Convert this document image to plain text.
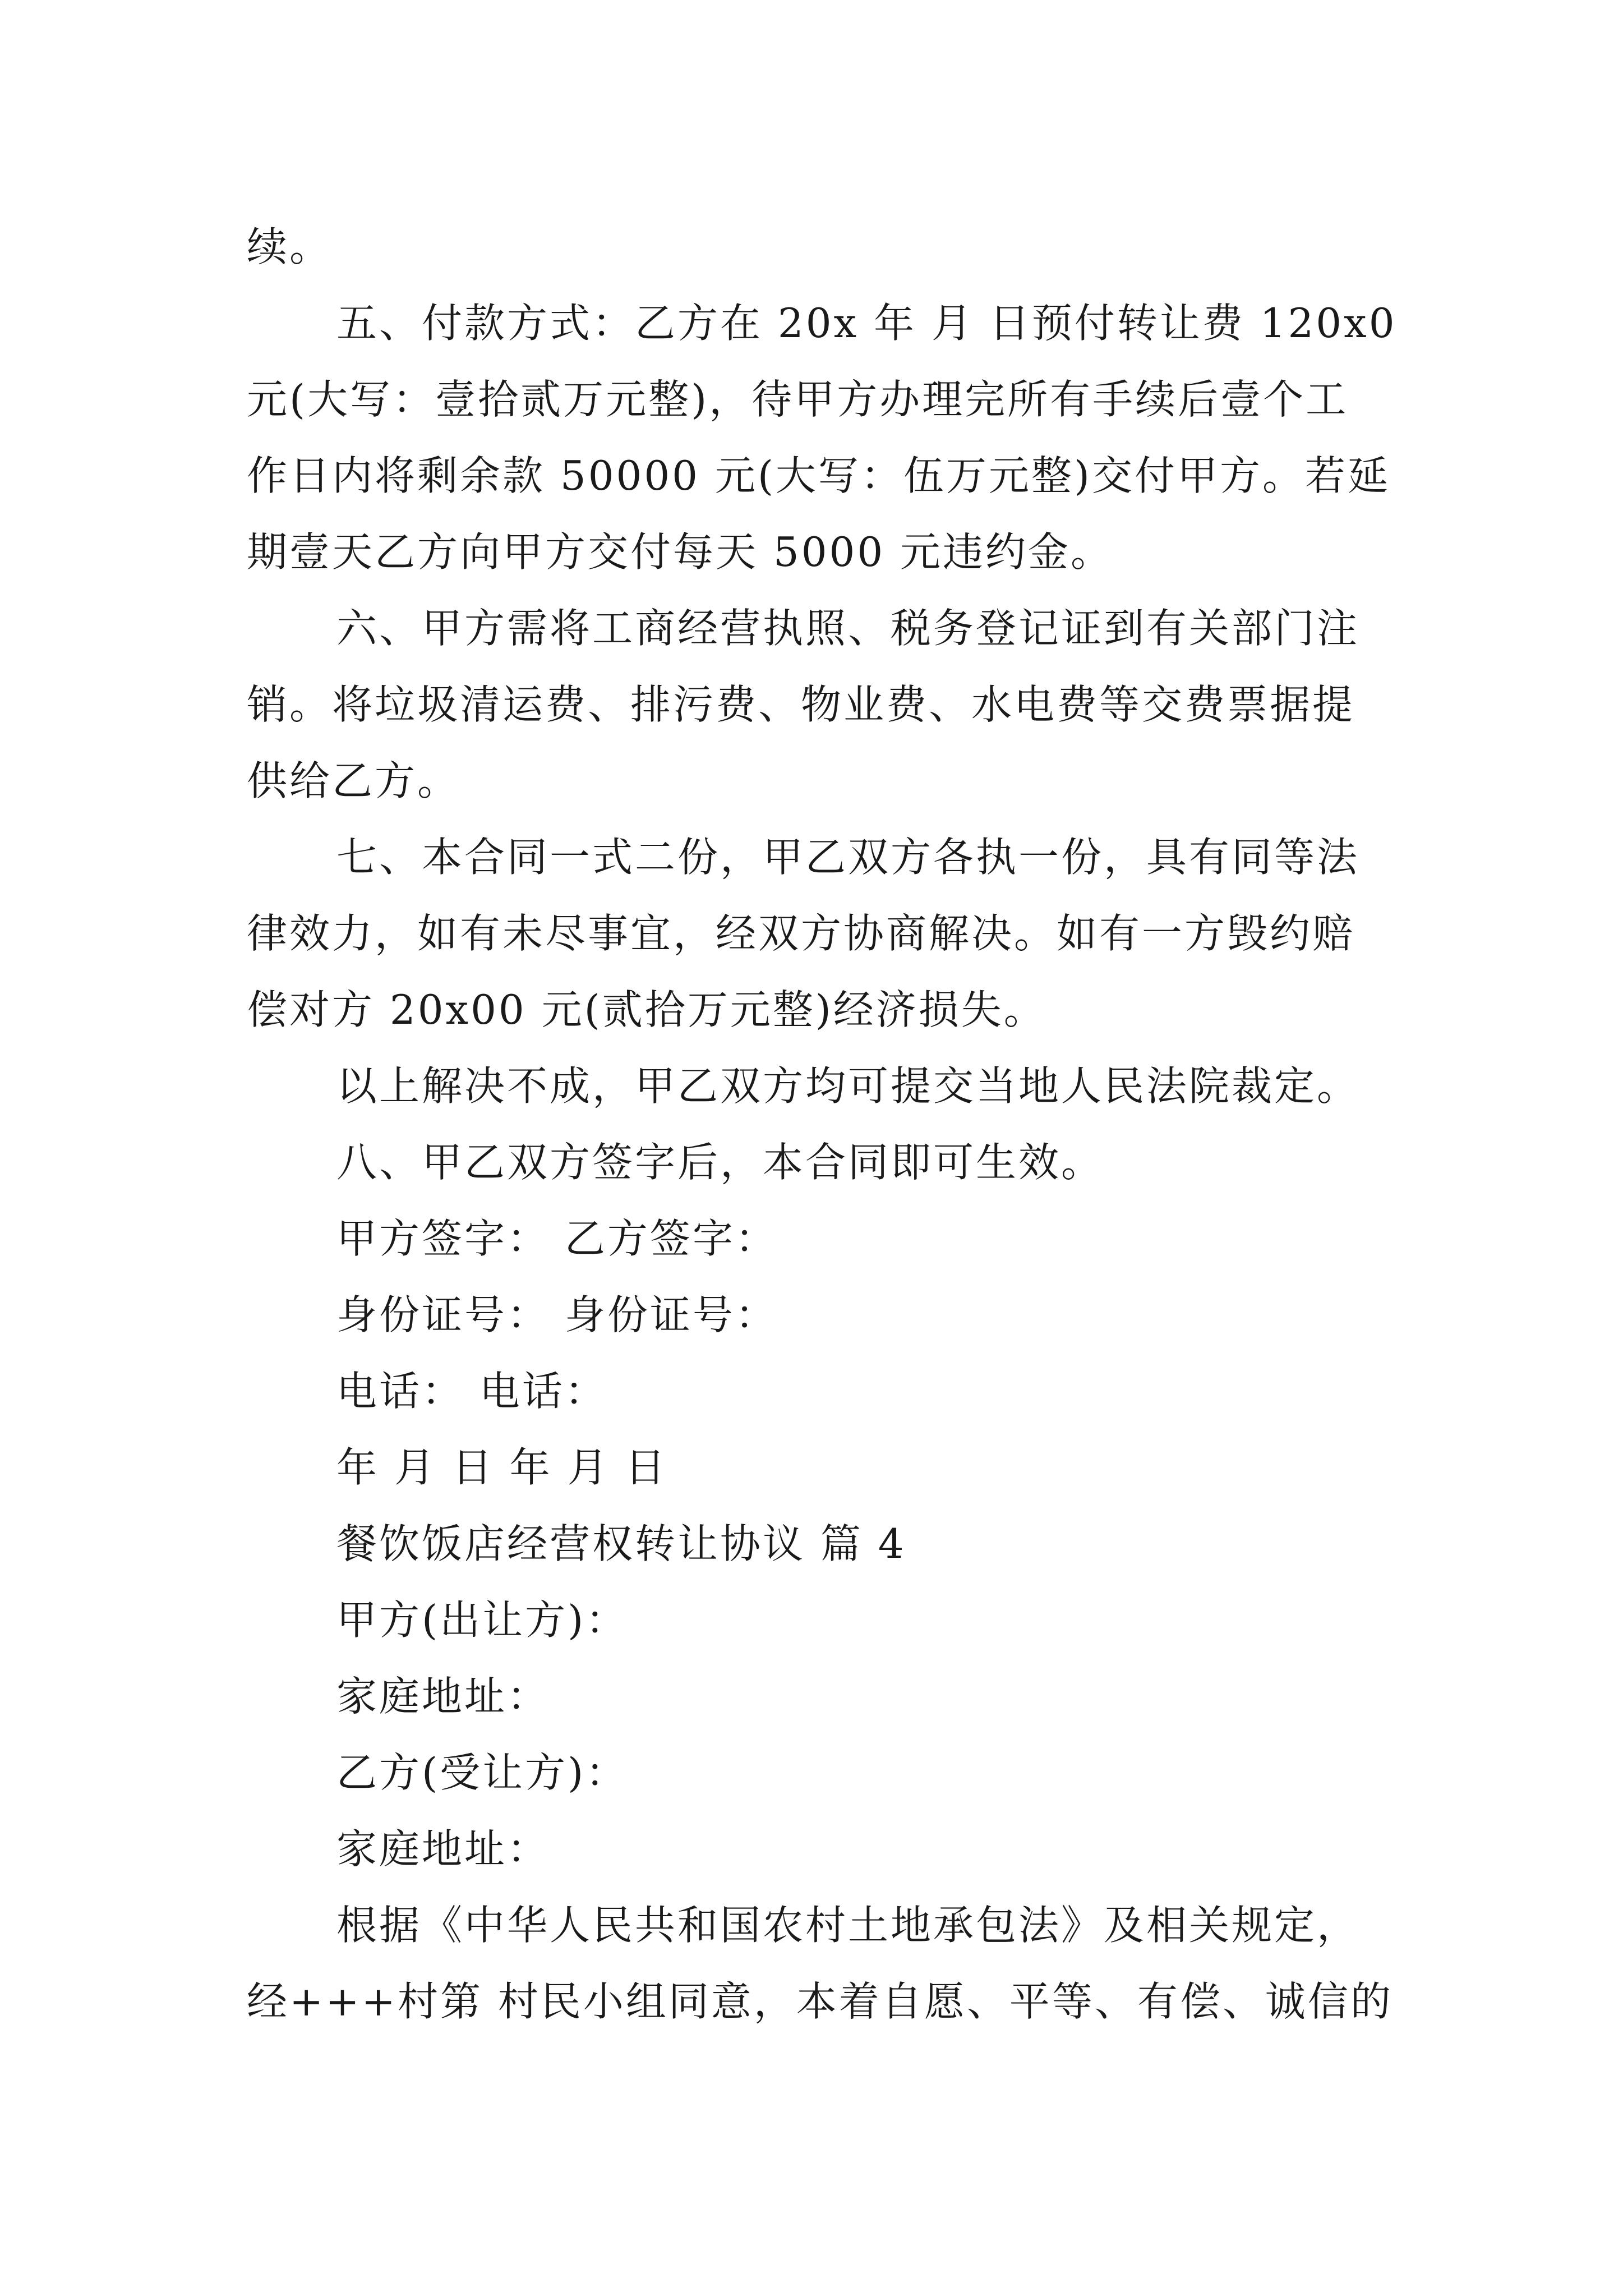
续。
五、付款方式：乙方在 20x 年 月 日预付转让费 120x0
元(大写：壹拾贰万元整)，待甲方办理完所有手续后壹个工
作日内将剩余款 50000 元(大写：伍万元整)交付甲方。若延
期壹天乙方向甲方交付每天 5000 元违约金。
六、甲方需将工商经营执照、税务登记证到有关部门注
销。将垃圾清运费、排污费、物业费、水电费等交费票据提
供给乙方。
七、本合同一式二份，甲乙双方各执一份，具有同等法
律效力，如有未尽事宜，经双方协商解决。如有一方毁约赔
偿对方 20x00 元(贰拾万元整)经济损失。
以上解决不成，甲乙双方均可提交当地人民法院裁定。
八、甲乙双方签字后，本合同即可生效。
甲方签字： 乙方签字：
身份证号： 身份证号：
电话： 电话：
年 月 日 年 月 日
餐饮饭店经营权转让协议 篇 4
甲方(出让方)：
家庭地址：
乙方(受让方)：
家庭地址：
根据《中华人民共和国农村土地承包法》及相关规定，
经+++村第 村民小组同意，本着自愿、平等、有偿、诚信的
